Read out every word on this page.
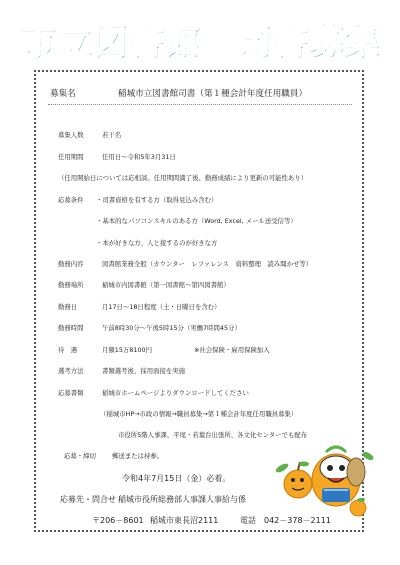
市立図書館　司書募集
募集名	稲城市立図書館司書（第１種会計年度任用職員）
募集人数	若干名
任用期間	任用日～令和5年3月31日
（任用開始日については応相談。任用期間満了後、勤務成績により更新の可能性あり）
応募条件 ・司書資格を有する方（取得見込み含む）
・基本的なパソコンスキルのある方（Word, Excel, メール送受信等）
・本が好きな方、人と接するのが好きな方
勤務内容	図書館業務全般（カウンター　レファレンス　資料整理　読み聞かせ等）
勤務場所	稲城市内図書館（第一図書館～第四図書館）
勤務日	月17日～18日程度（土・日曜日を含む）
勤務時間	午前8時30分～午後5時15分（実働7時間45分）
待　遇	月額15万8100円	※社会保険・雇用保険加入
選考方法	書類選考後、採用面接を実施
応募書類	稲城市ホームページよりダウンロードしてください
（稲城市HP→市政の情報→職員募集→第１種会計年度任用職員募集）
市役所5階人事課、平尾・若葉台出張所、各文化センターでも配布
応募・締切	郵送または持参。
令和4年7月15日（金）必着。
応募先・問合せ 稲城市役所総務部人事課人事給与係
〒206－8601 稲城市東長沼2111	電話 042－378－2111
